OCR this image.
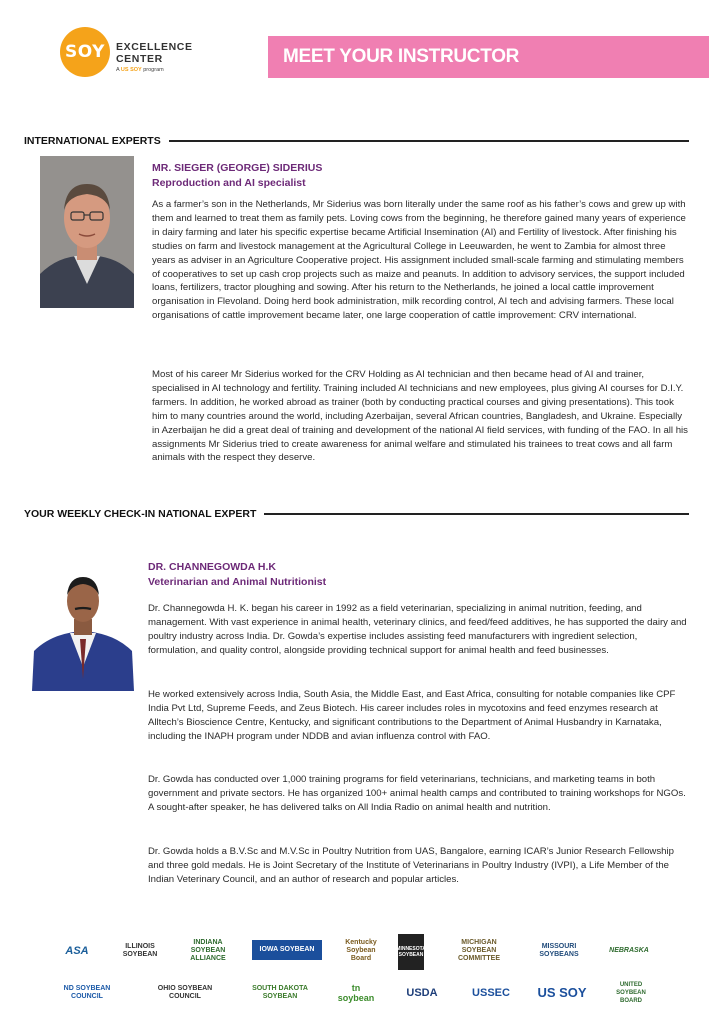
SOY	EXCELLENCE
CENTER
A US SOY program
MEET YOUR INSTRUCTOR
INTERNATIONAL EXPERTS
MR. SIEGER (GEORGE) SIDERIUS
Reproduction and AI specialist
As a farmer’s son in the Netherlands, Mr Siderius was born literally under the same roof as his father’s cows and grew up with them and learned to treat them as family pets. Loving cows from the beginning, he therefore gained many years of experience in dairy farming and later his specific expertise became Artificial Insemination (AI) and Fertility of livestock. After finishing his studies on farm and livestock management at the Agricultural College in Leeuwarden, he went to Zambia for almost three years as adviser in an Agriculture Cooperative project. His assignment included small-scale farming and stimulating members of cooperatives to set up cash crop projects such as maize and peanuts. In addition to advisory services, the support included loans, fertilizers, tractor ploughing and sowing. After his return to the Netherlands, he joined a local cattle improvement organisation in Flevoland. Doing herd book administration, milk recording control, AI tech and advising farmers. These local organisations of cattle improvement became later, one large cooperation of cattle improvement: CRV international.
Most of his career Mr Siderius worked for the CRV Holding as AI technician and then became head of AI and trainer, specialised in AI technology and fertility. Training included AI technicians and new employees, plus giving AI courses for D.I.Y. farmers. In addition, he worked abroad as trainer (both by conducting practical courses and giving presentations). This took him to many countries around the world, including Azerbaijan, several African countries, Bangladesh, and Ukraine. Especially in Azerbaijan he did a great deal of training and development of the national AI field services, with funding of the FAO. In all his assignments Mr Siderius tried to create awareness for animal welfare and stimulated his trainees to treat cows and all farm animals with the respect they deserve.
YOUR WEEKLY CHECK-IN NATIONAL EXPERT
DR. CHANNEGOWDA H.K
Veterinarian and Animal Nutritionist
Dr. Channegowda H. K. began his career in 1992 as a field veterinarian, specializing in animal nutrition, feeding, and management. With vast experience in animal health, veterinary clinics, and feed/feed additives, he has supported the dairy and poultry industry across India. Dr. Gowda’s expertise includes assisting feed manufacturers with ingredient selection, formulation, and quality control, alongside providing technical support for animal health and feed businesses.
He worked extensively across India, South Asia, the Middle East, and East Africa, consulting for notable companies like CPF India Pvt Ltd, Supreme Feeds, and Zeus Biotech. His career includes roles in mycotoxins and feed enzymes research at Alltech’s Bioscience Centre, Kentucky, and significant contributions to the Department of Animal Husbandry in Karnataka, including the INAPH program under NDDB and avian influenza control with FAO.
Dr. Gowda has conducted over 1,000 training programs for field veterinarians, technicians, and marketing teams in both government and private sectors. He has organized 100+ animal health camps and contributed to training workshops for NGOs. A sought-after speaker, he has delivered talks on All India Radio on animal health and nutrition.
Dr. Gowda holds a B.V.Sc and M.V.Sc in Poultry Nutrition from UAS, Bangalore, earning ICAR’s Junior Research Fellowship and three gold medals. He is Joint Secretary of the Institute of Veterinarians in Poultry Industry (IVPI), a Life Member of the Indian Veterinary Council, and an author of research and popular articles.
ASA	ILLINOIS SOYBEAN
INDIANA SOYBEAN ALLIANCE
IOWA SOYBEAN
Kentucky Soybean Board
MINNESOTA SOYBEAN
MICHIGAN SOYBEAN COMMITTEE
MISSOURI SOYBEANS
NEBRASKA
ND SOYBEAN COUNCIL
OHIO SOYBEAN COUNCIL
SOUTH DAKOTA SOYBEAN
tn soybean	USDA	USSEC US SOY	UNITED SOYBEAN BOARD
